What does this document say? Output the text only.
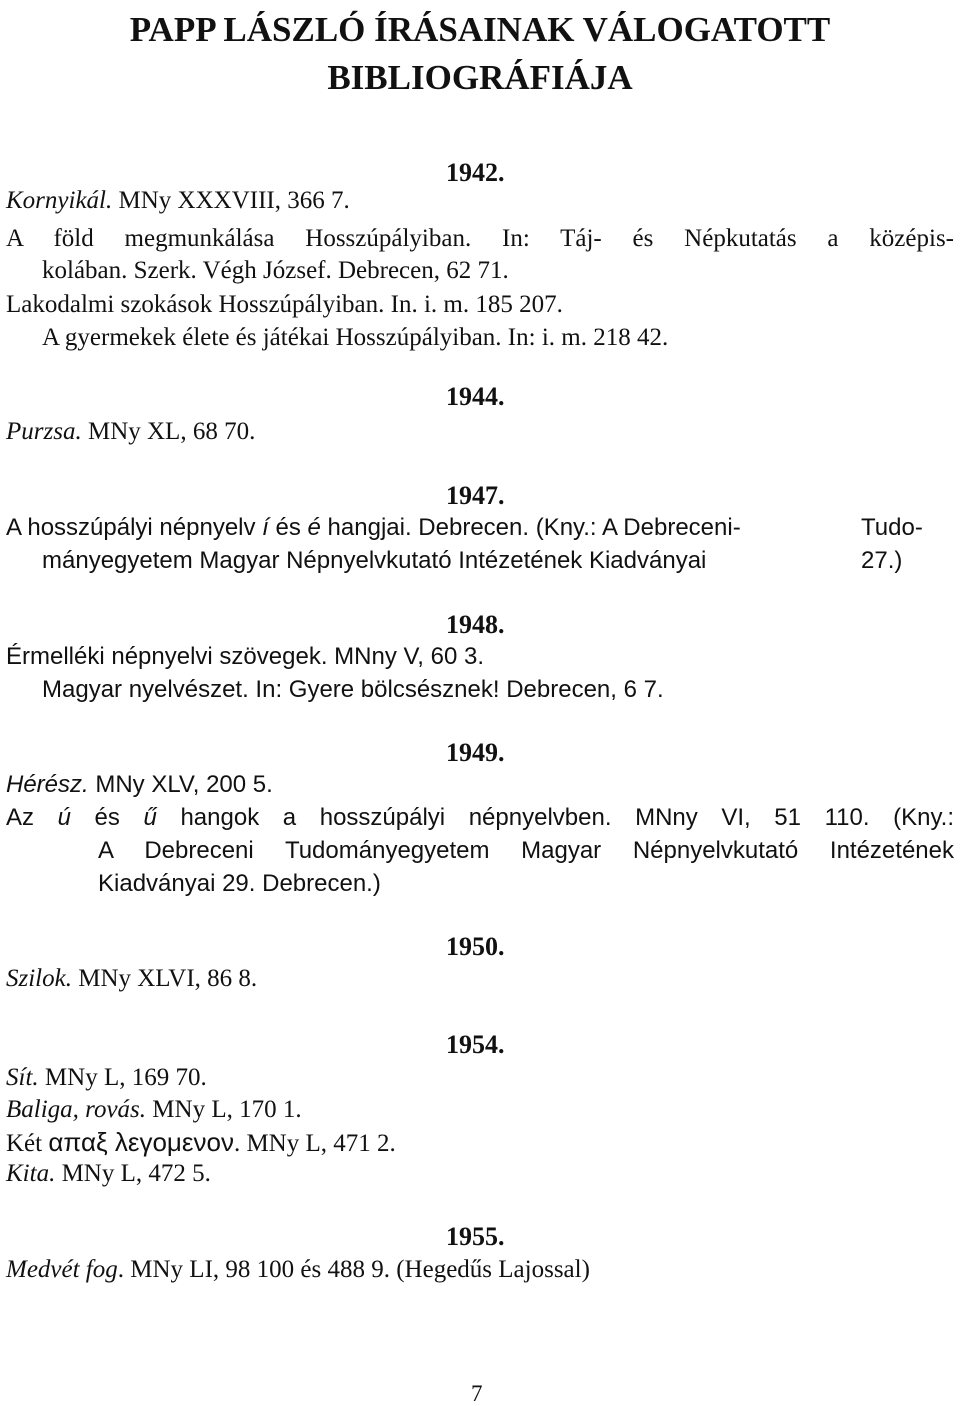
PAPP LÁSZLÓ ÍRÁSAINAK VÁLOGATOTT
BIBLIOGRÁFIÁJA
1942.
Kornyikál. MNy XXXVIII, 366 7.
A föld megmunkálása Hosszúpályiban. In: Táj- és Népkutatás a középis-
kolában. Szerk. Végh József. Debrecen, 62 71.
Lakodalmi szokások Hosszúpályiban. In. i. m. 185 207.
A gyermekek élete és játékai Hosszúpályiban. In: i. m. 218 42.
1944.
Purzsa. MNy XL, 68 70.
1947.
A hosszúpályi népnyelv í és é hangjai. Debrecen. (Kny.: A Debreceni-	Tudo-
mányegyetem Magyar Népnyelvkutató Intézetének Kiadványai	27.)
1948.
Érmelléki népnyelvi szövegek. MNny V, 60 3.
Magyar nyelvészet. In: Gyere bölcsésznek! Debrecen, 6 7.
1949.
Hérész. MNy XLV, 200 5.
Az ú és ű hangok a hosszúpályi népnyelvben. MNny VI, 51 110. (Kny.:
A Debreceni Tudományegyetem Magyar Népnyelvkutató Intézetének
Kiadványai 29. Debrecen.)
1950.
Szilok. MNy XLVI, 86 8.
1954.
Sít. MNy L, 169 70.
Baliga, rovás. MNy L, 170 1.
Két απαξ λεγομενον. MNy L, 471 2.
Kita. MNy L, 472 5.
1955.
Medvét fog. MNy LI, 98 100 és 488 9. (Hegedűs Lajossal)
7
